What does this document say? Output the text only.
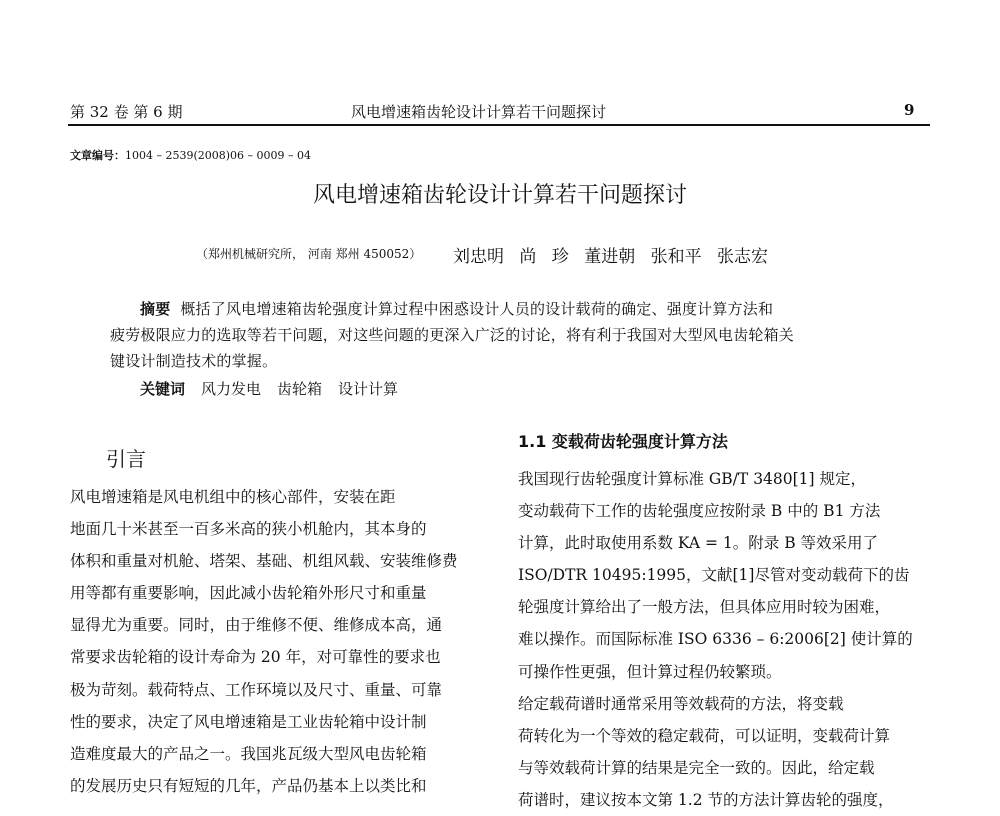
第 32 卷 第 6 期	风电增速箱齿轮设计计算若干问题探讨	9
文章编号：1004 – 2539(2008)06 – 0009 – 04
风电增速箱齿轮设计计算若干问题探讨
（郑州机械研究所， 河南 郑州 450052） 刘忠明 尚 珍 董进朝 张和平 张志宏
摘要 概括了风电增速箱齿轮强度计算过程中困惑设计人员的设计载荷的确定、强度计算方法和
疲劳极限应力的选取等若干问题，对这些问题的更深入广泛的讨论，将有利于我国对大型风电齿轮箱关
键设计制造技术的掌握。
关键词 风力发电 齿轮箱 设计计算
引言
风电增速箱是风电机组中的核心部件，安装在距
地面几十米甚至一百多米高的狭小机舱内，其本身的
体积和重量对机舱、塔架、基础、机组风载、安装维修费
用等都有重要影响，因此减小齿轮箱外形尺寸和重量
显得尤为重要。同时，由于维修不便、维修成本高，通
常要求齿轮箱的设计寿命为 20 年，对可靠性的要求也
极为苛刻。载荷特点、工作环境以及尺寸、重量、可靠
性的要求，决定了风电增速箱是工业齿轮箱中设计制
造难度最大的产品之一。我国兆瓦级大型风电齿轮箱
的发展历史只有短短的几年，产品仍基本上以类比和
1.1 变载荷齿轮强度计算方法
我国现行齿轮强度计算标准 GB/T 3480[1] 规定，
变动载荷下工作的齿轮强度应按附录 B 中的 B1 方法
计算，此时取使用系数 KA = 1。附录 B 等效采用了
ISO/DTR 10495:1995，文献[1]尽管对变动载荷下的齿
轮强度计算给出了一般方法，但具体应用时较为困难，
难以操作。而国际标准 ISO 6336 – 6:2006[2] 使计算的
可操作性更强，但计算过程仍较繁琐。
给定载荷谱时通常采用等效载荷的方法，将变载
荷转化为一个等效的稳定载荷，可以证明，变载荷计算
与等效载荷计算的结果是完全一致的。因此，给定载
荷谱时，建议按本文第 1.2 节的方法计算齿轮的强度，
